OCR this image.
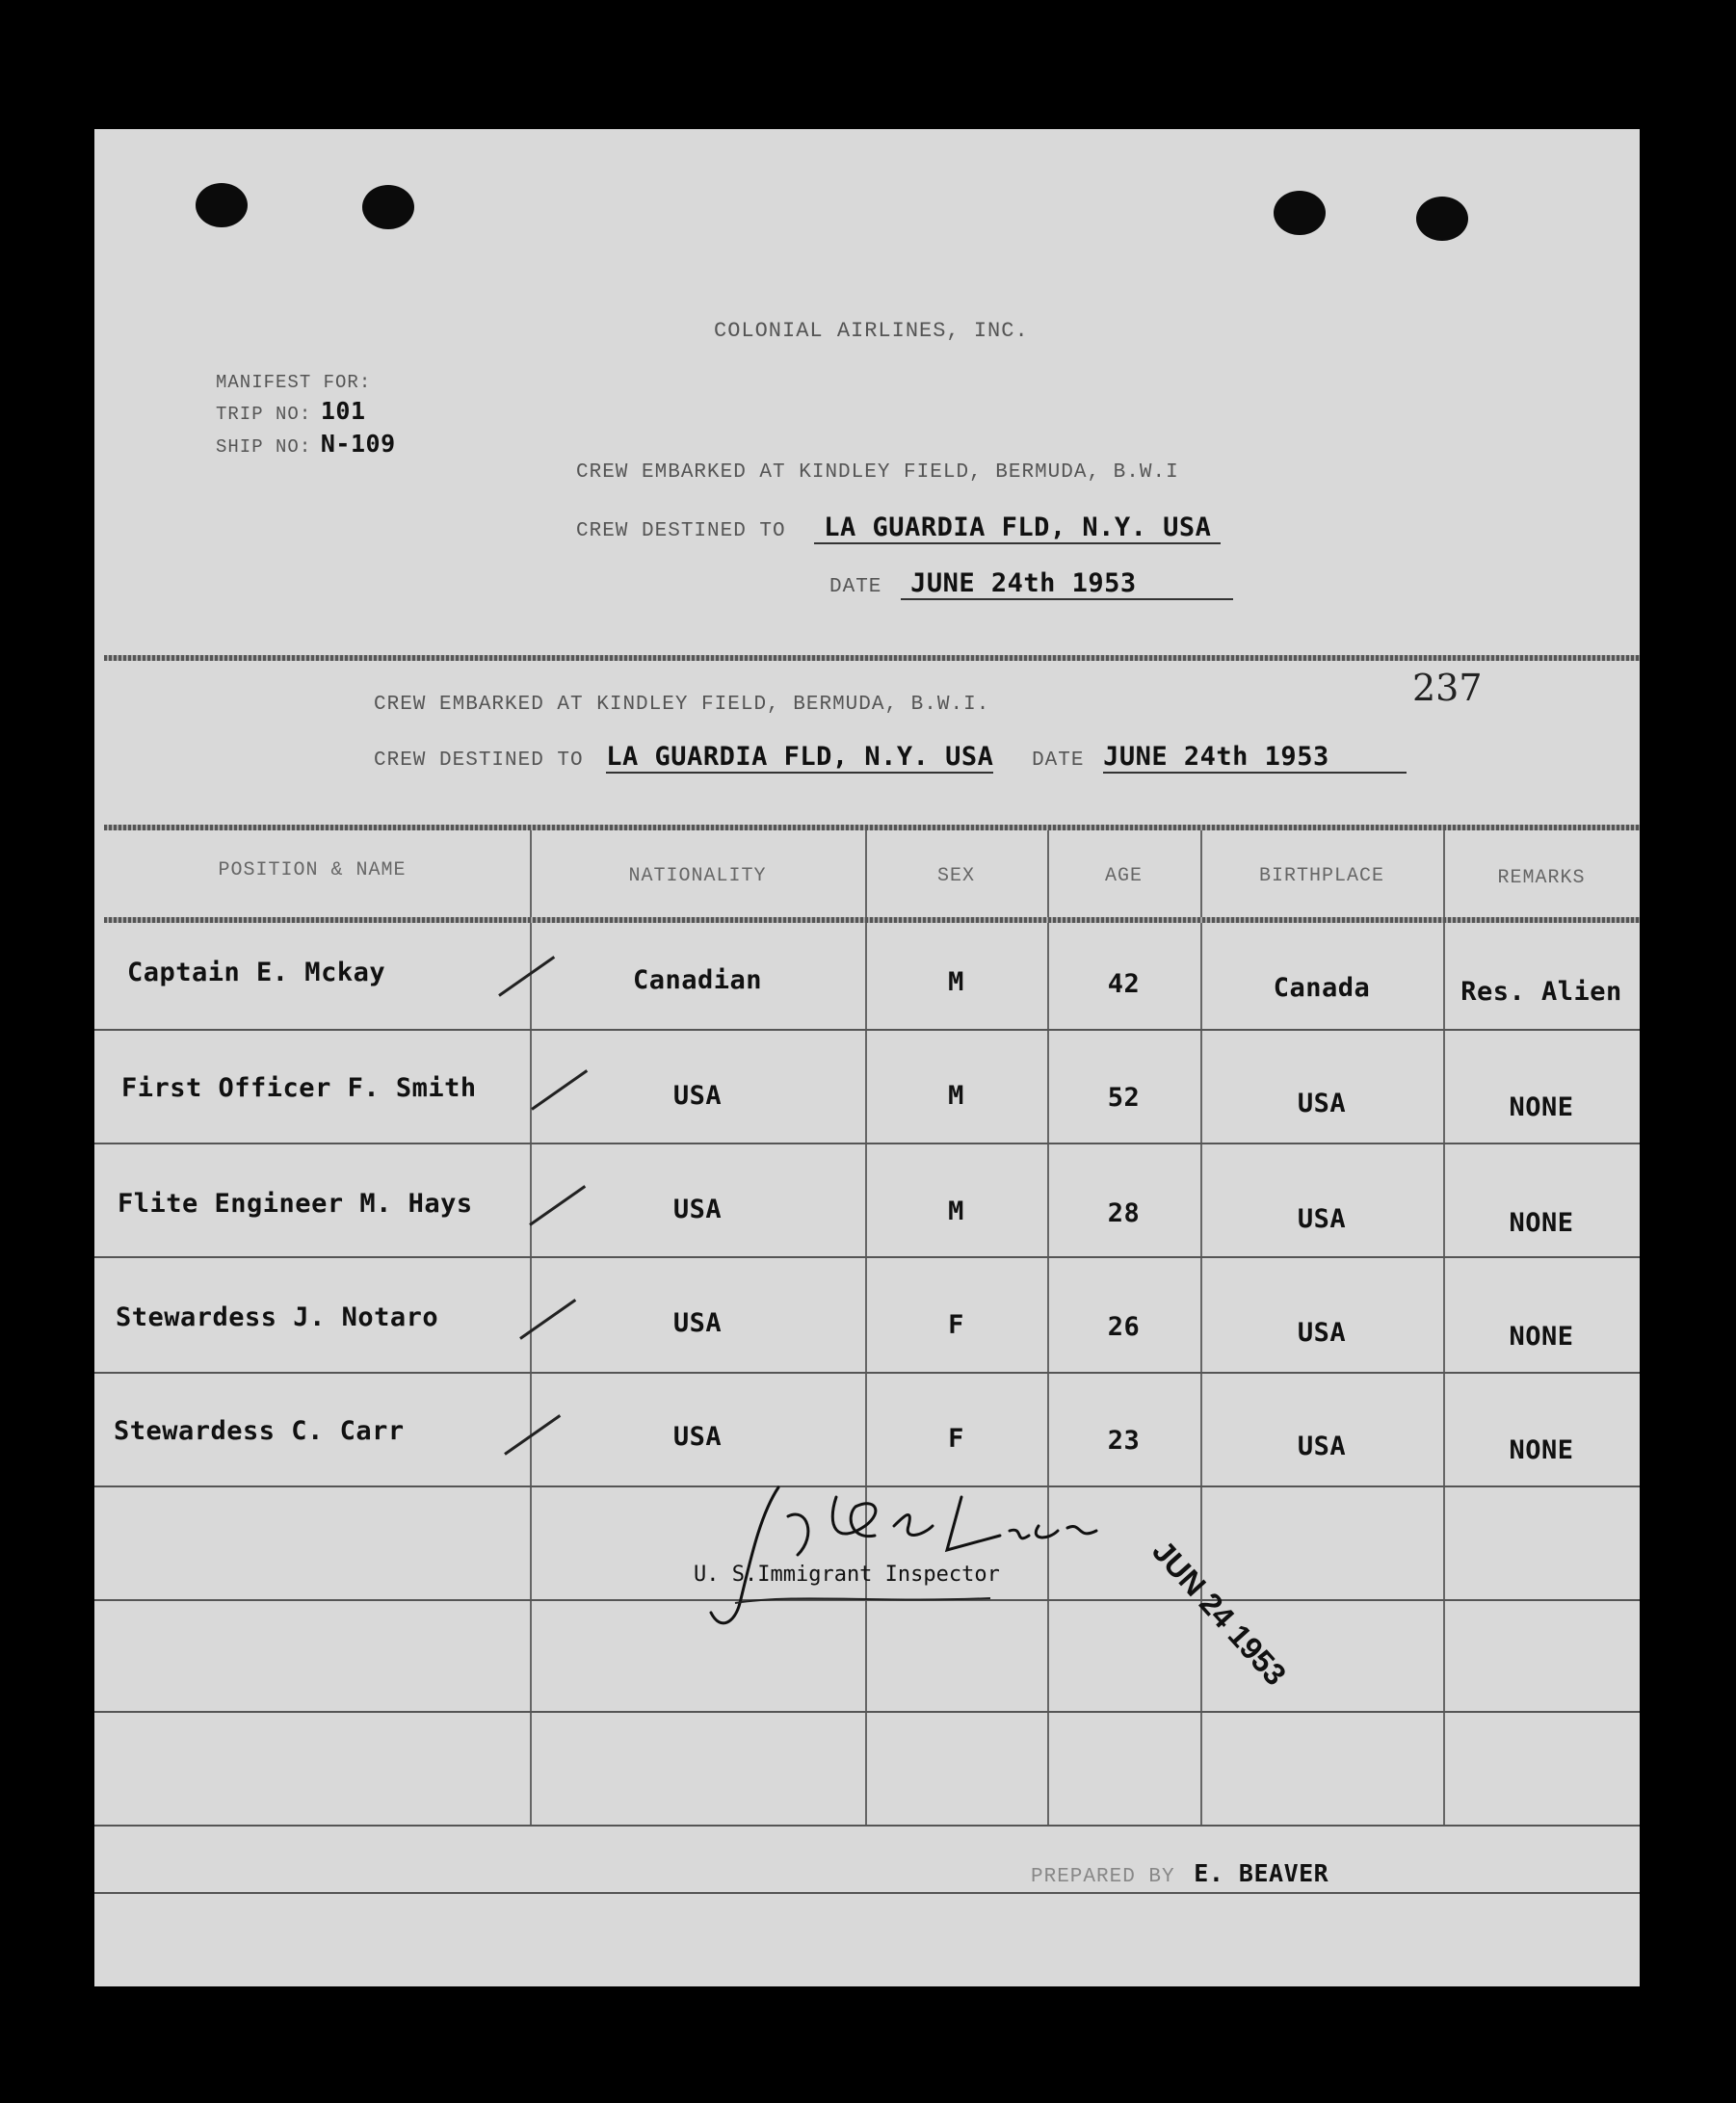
COLONIAL AIRLINES, INC.
MANIFEST FOR:
TRIP NO: 101
SHIP NO: N-109
CREW EMBARKED AT KINDLEY FIELD, BERMUDA, B.W.I
CREW DESTINED TO LA GUARDIA FLD, N.Y. USA
DATE JUNE 24th 1953
237
CREW EMBARKED AT KINDLEY FIELD, BERMUDA, B.W.I.
CREW DESTINED TO LA GUARDIA FLD, N.Y. USA DATE JUNE 24th 1953
POSITION & NAME	NATIONALITY	SEX	AGE	BIRTHPLACE	REMARKS
Captain E. Mckay	Canadian	M	42	Canada	Res. Alien
First Officer F. Smith	USA	M	52	USA	NONE
Flite Engineer M. Hays	USA	M	28	USA	NONE
Stewardess J. Notaro	USA	F	26	USA	NONE
Stewardess C. Carr	USA	F	23	USA	NONE
U. S.Immigrant Inspector	JUN 24 1953
PREPARED BY E. BEAVER
